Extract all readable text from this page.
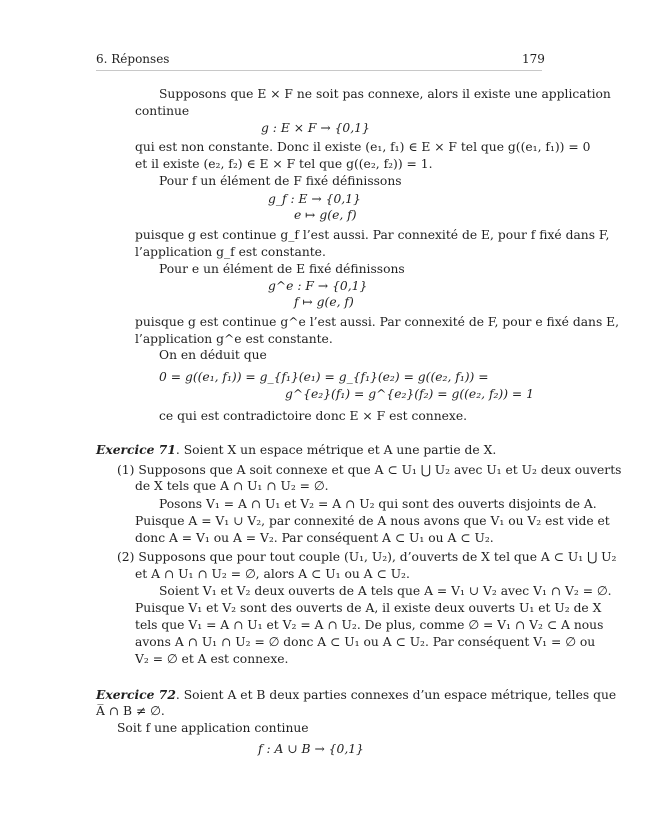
6. Réponses	179
Supposons que E × F ne soit pas connexe, alors il existe une application
continue
g : E × F → {0,1}
qui est non constante. Donc il existe (e₁, f₁) ∈ E × F tel que g((e₁, f₁)) = 0
et il existe (e₂, f₂) ∈ E × F tel que g((e₂, f₂)) = 1.
Pour f un élément de F fixé définissons
g_f : E → {0,1}
e ↦ g(e, f)
puisque g est continue g_f l’est aussi. Par connexité de E, pour f fixé dans F,
l’application g_f est constante.
Pour e un élément de E fixé définissons
g^e : F → {0,1}
f ↦ g(e, f)
puisque g est continue g^e l’est aussi. Par connexité de F, pour e fixé dans E,
l’application g^e est constante.
On en déduit que
0 = g((e₁, f₁)) = g_{f₁}(e₁) = g_{f₁}(e₂) = g((e₂, f₁)) =
g^{e₂}(f₁) = g^{e₂}(f₂) = g((e₂, f₂)) = 1
ce qui est contradictoire donc E × F est connexe.
Exercice 71. Soient X un espace métrique et A une partie de X.
(1) Supposons que A soit connexe et que A ⊂ U₁ ⋃ U₂ avec U₁ et U₂ deux ouverts
de X tels que A ∩ U₁ ∩ U₂ = ∅.
Posons V₁ = A ∩ U₁ et V₂ = A ∩ U₂ qui sont des ouverts disjoints de A.
Puisque A = V₁ ∪ V₂, par connexité de A nous avons que V₁ ou V₂ est vide et
donc A = V₁ ou A = V₂. Par conséquent A ⊂ U₁ ou A ⊂ U₂.
(2) Supposons que pour tout couple (U₁, U₂), d’ouverts de X tel que A ⊂ U₁ ⋃ U₂
et A ∩ U₁ ∩ U₂ = ∅, alors A ⊂ U₁ ou A ⊂ U₂.
Soient V₁ et V₂ deux ouverts de A tels que A = V₁ ∪ V₂ avec V₁ ∩ V₂ = ∅.
Puisque V₁ et V₂ sont des ouverts de A, il existe deux ouverts U₁ et U₂ de X
tels que V₁ = A ∩ U₁ et V₂ = A ∩ U₂. De plus, comme ∅ = V₁ ∩ V₂ ⊂ A nous
avons A ∩ U₁ ∩ U₂ = ∅ donc A ⊂ U₁ ou A ⊂ U₂. Par conséquent V₁ = ∅ ou
V₂ = ∅ et A est connexe.
Exercice 72. Soient A et B deux parties connexes d’un espace métrique, telles que
A̅ ∩ B ≠ ∅.
Soit f une application continue
f : A ∪ B → {0,1}
